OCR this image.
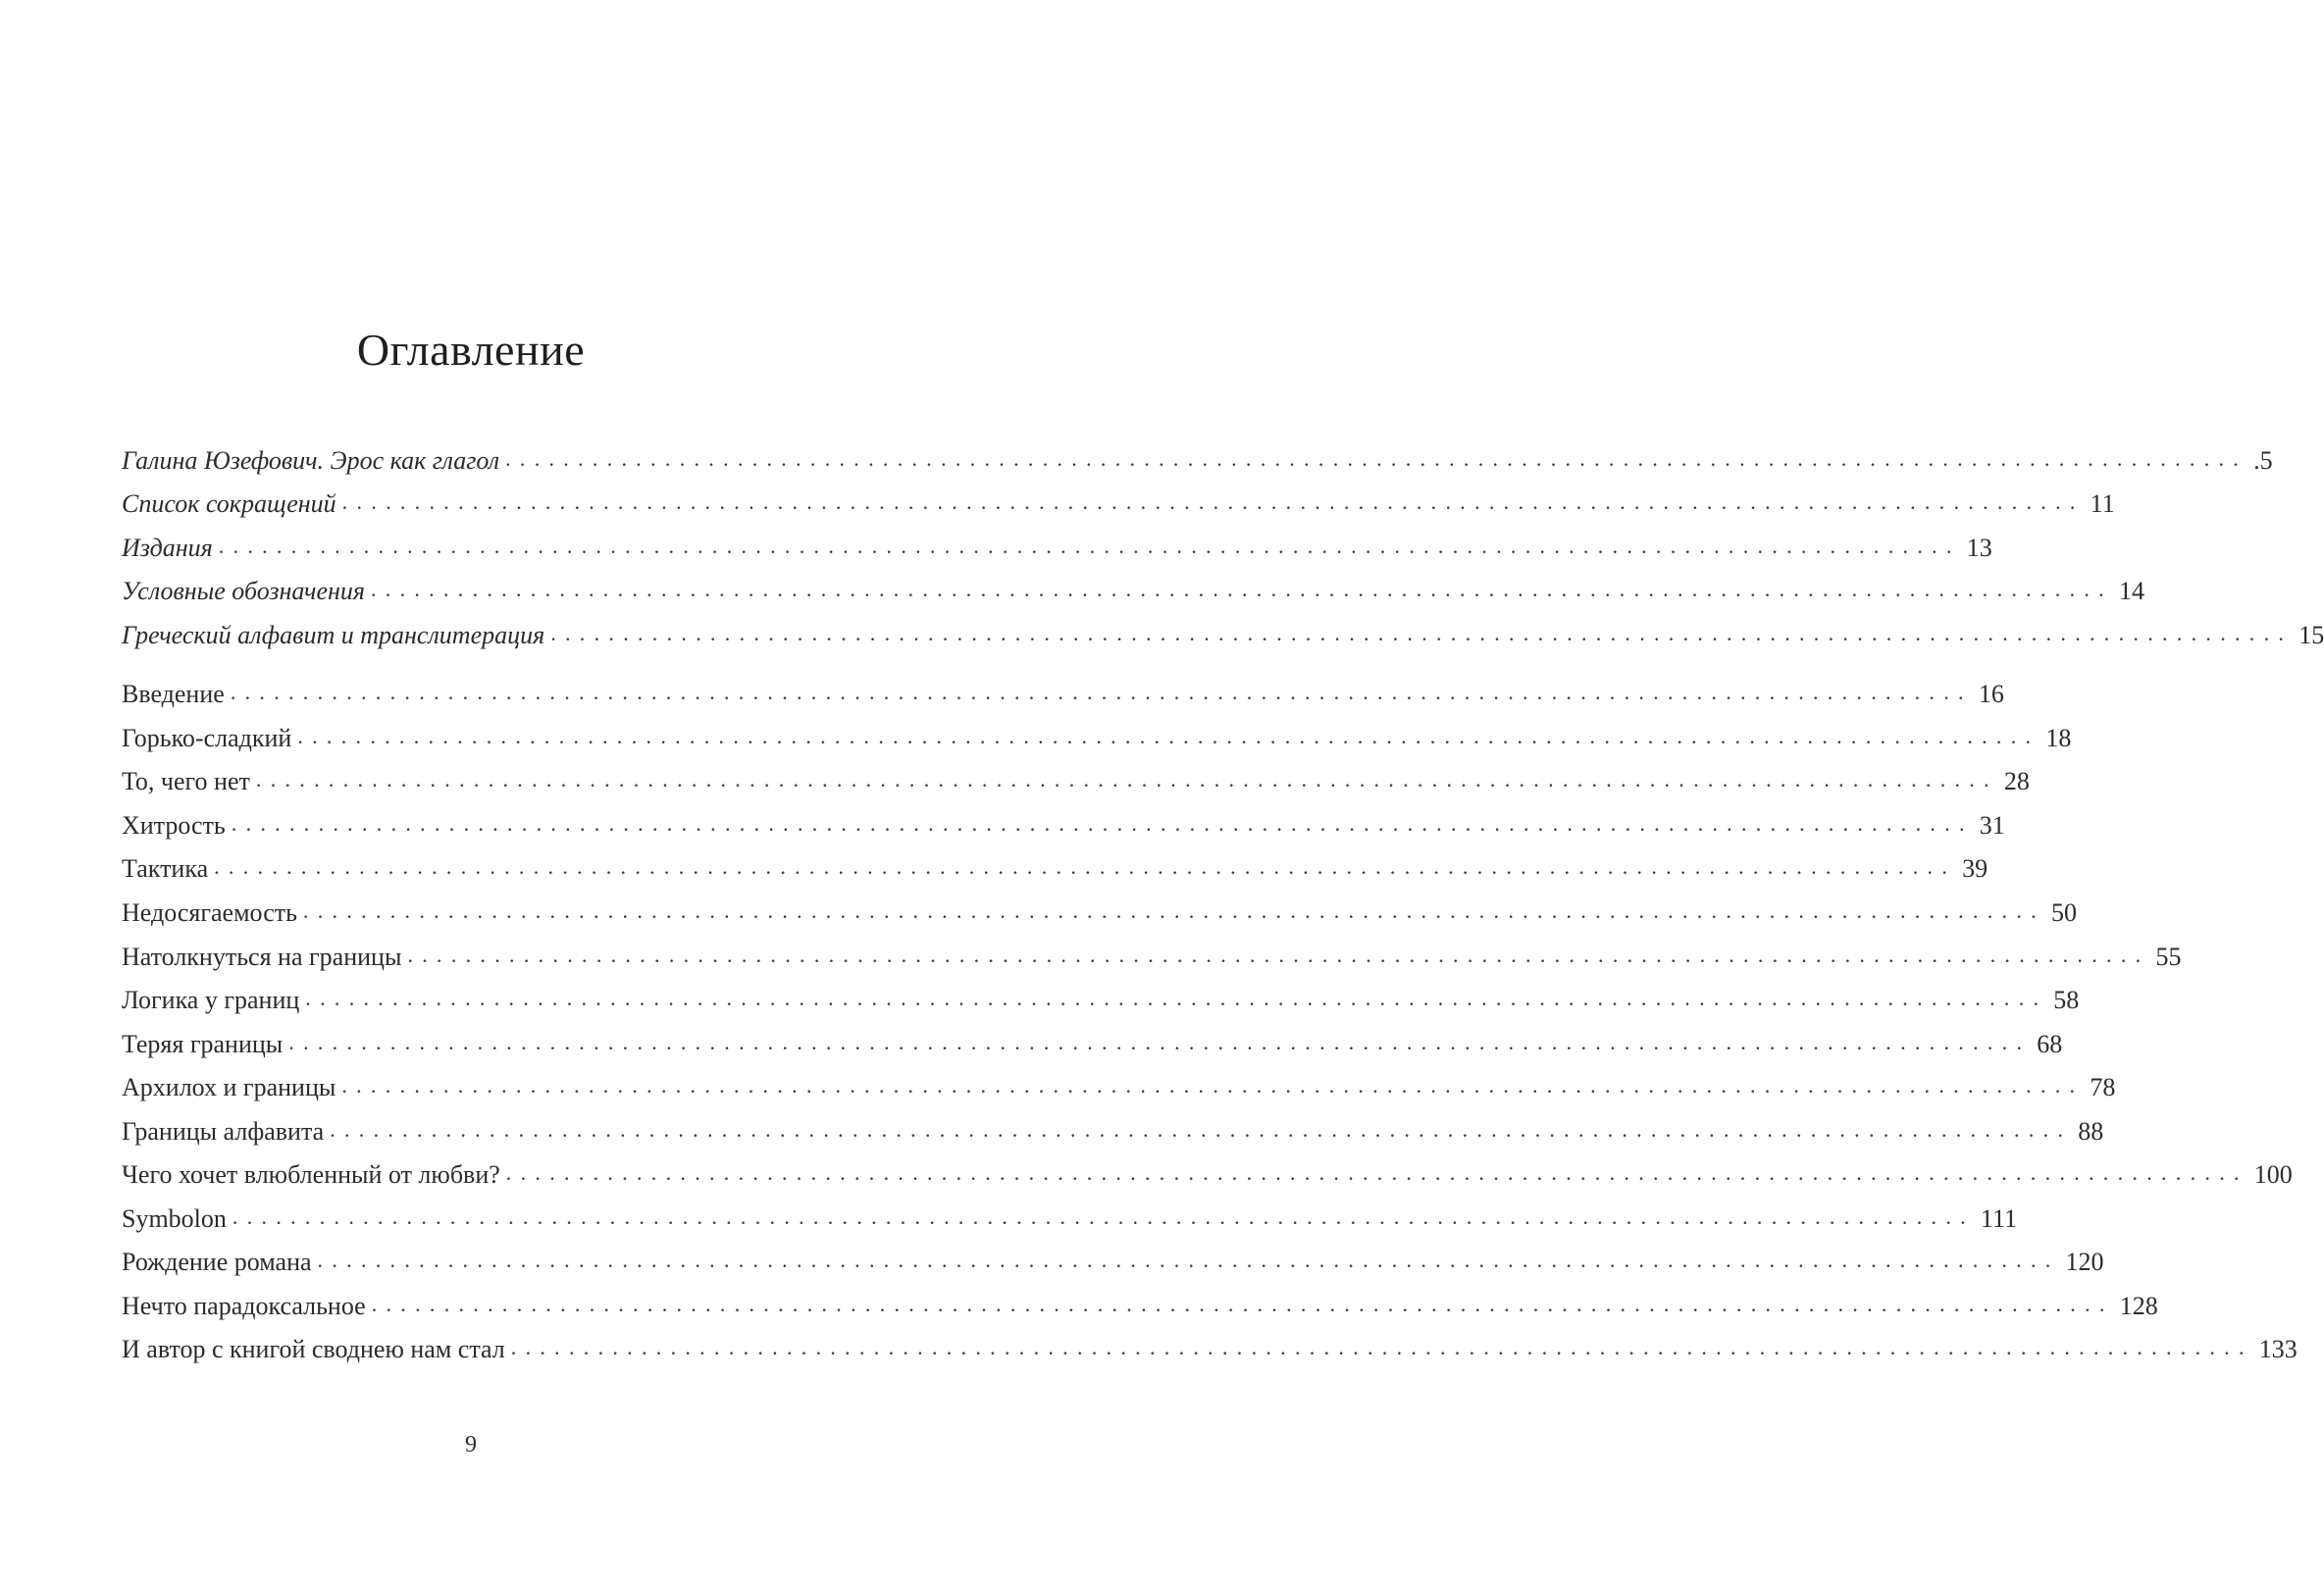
Оглавление
Галина Юзефович. Эрос как глагол ........................................................................................................................ .5
Список сокращений ........................................................................................................................ 11
Издания ........................................................................................................................ 13
Условные обозначения ........................................................................................................................ 14
Греческий алфавит и транслитерация ........................................................................................................................ 15
Введение ........................................................................................................................ 16
Горько-сладкий ........................................................................................................................ 18
То, чего нет ........................................................................................................................ 28
Хитрость ........................................................................................................................ 31
Тактика ........................................................................................................................ 39
Недосягаемость ........................................................................................................................ 50
Натолкнуться на границы ........................................................................................................................ 55
Логика у границ ........................................................................................................................ 58
Теряя границы ........................................................................................................................ 68
Архилох и границы ........................................................................................................................ 78
Границы алфавита ........................................................................................................................ 88
Чего хочет влюбленный от любви? ........................................................................................................................ 100
Symbolon ........................................................................................................................ 111
Рождение романа ........................................................................................................................ 120
Нечто парадоксальное ........................................................................................................................ 128
И автор с книгой своднею нам стал ........................................................................................................................ 133
9
